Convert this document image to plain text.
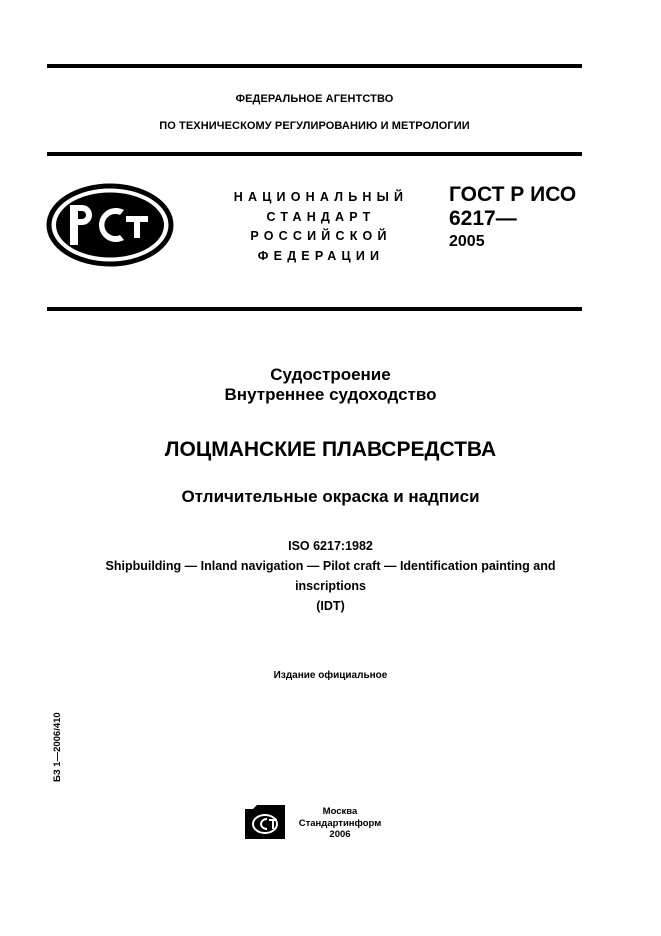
ФЕДЕРАЛЬНОЕ АГЕНТСТВО
ПО ТЕХНИЧЕСКОМУ РЕГУЛИРОВАНИЮ И МЕТРОЛОГИИ
НАЦИОНАЛЬНЫЙ
СТАНДАРТ
РОССИЙСКОЙ
ФЕДЕРАЦИИ
ГОСТ Р ИСО
6217—
2005
Судостроение
Внутреннее судоходство
ЛОЦМАНСКИЕ ПЛАВСРЕДСТВА
Отличительные окраска и надписи
ISO 6217:1982
Shipbuilding — Inland navigation — Pilot craft — Identification painting and
inscriptions
(IDT)
Издание официальное
БЗ 1—2006/410
Москва
Стандартинформ
2006
